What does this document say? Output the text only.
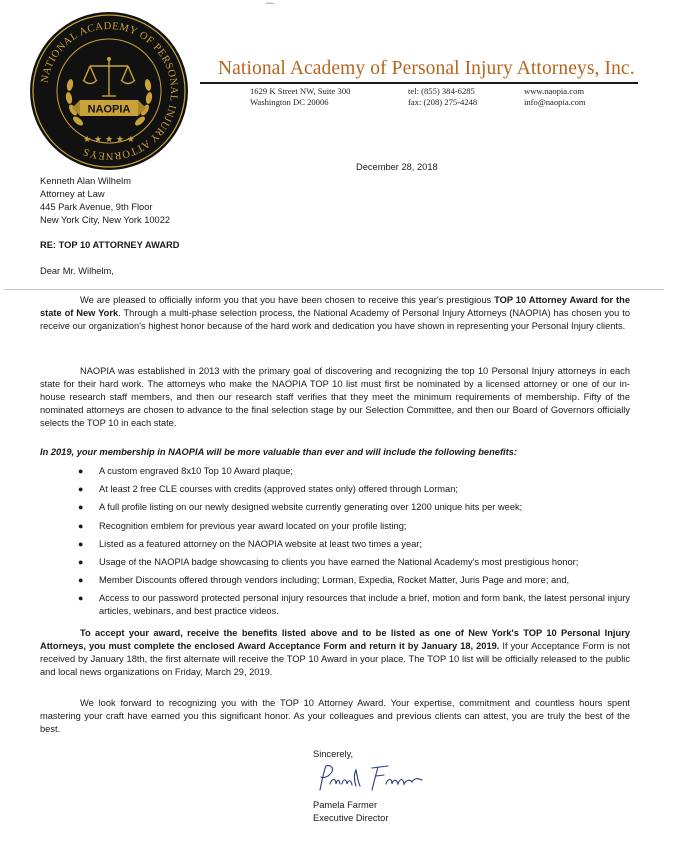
⁀
NATIONAL ACADEMY OF PERSONAL INJURY ATTORNEYS
NAOPIA
★ ★ ★ ★ ★
National Academy of Personal Injury Attorneys, Inc.
1629 K Street NW, Suite 300
Washington DC 20006
tel: (855) 384-6285
fax: (208) 275-4248
www.naopia.com
info@naopia.com
December 28, 2018
Kenneth Alan Wilhelm
Attorney at Law
445 Park Avenue, 9th Floor
New York City, New York 10022
RE: TOP 10 ATTORNEY AWARD
Dear Mr. Wilhelm,

We are pleased to officially inform you that you have been chosen to receive this year's prestigious TOP 10 Attorney Award for the state of New York. Through a multi-phase selection process, the National Academy of Personal Injury Attorneys (NAOPIA) has chosen you to receive our organization's highest honor because of the hard work and dedication you have shown in representing your Personal Injury clients.

NAOPIA was established in 2013 with the primary goal of discovering and recognizing the top 10 Personal Injury attorneys in each state for their hard work. The attorneys who make the NAOPIA TOP 10 list must first be nominated by a licensed attorney or one of our in-house research staff members, and then our research staff verifies that they meet the minimum requirements of membership. Fifty of the nominated attorneys are chosen to advance to the final selection stage by our Selection Committee, and then our Board of Governors officially selects the TOP 10 in each state.

In 2019, your membership in NAOPIA will be more valuable than ever and will include the following benefits:
● A custom engraved 8x10 Top 10 Award plaque;
● At least 2 free CLE courses with credits (approved states only) offered through Lorman;
● A full profile listing on our newly designed website currently generating over 1200 unique hits per week;
● Recognition emblem for previous year award located on your profile listing;
● Listed as a featured attorney on the NAOPIA website at least two times a year;
● Usage of the NAOPIA badge showcasing to clients you have earned the National Academy's most prestigious honor;
● Member Discounts offered through vendors including; Lorman, Expedia, Rocket Matter, Juris Page and more; and,
● Access to our password protected personal injury resources that include a brief, motion and form bank, the latest personal injury articles, webinars, and best practice videos.

To accept your award, receive the benefits listed above and to be listed as one of New York's TOP 10 Personal Injury Attorneys, you must complete the enclosed Award Acceptance Form and return it by January 18, 2019. If your Acceptance Form is not received by January 18th, the first alternate will receive the TOP 10 Award in your place. The TOP 10 list will be officially released to the public and local news organizations on Friday, March 29, 2019.

We look forward to recognizing you with the TOP 10 Attorney Award. Your expertise, commitment and countless hours spent mastering your craft have earned you this significant honor. As your colleagues and previous clients can attest, you are truly the best of the best.

Sincerely,
Pamela Farmer
Executive Director
